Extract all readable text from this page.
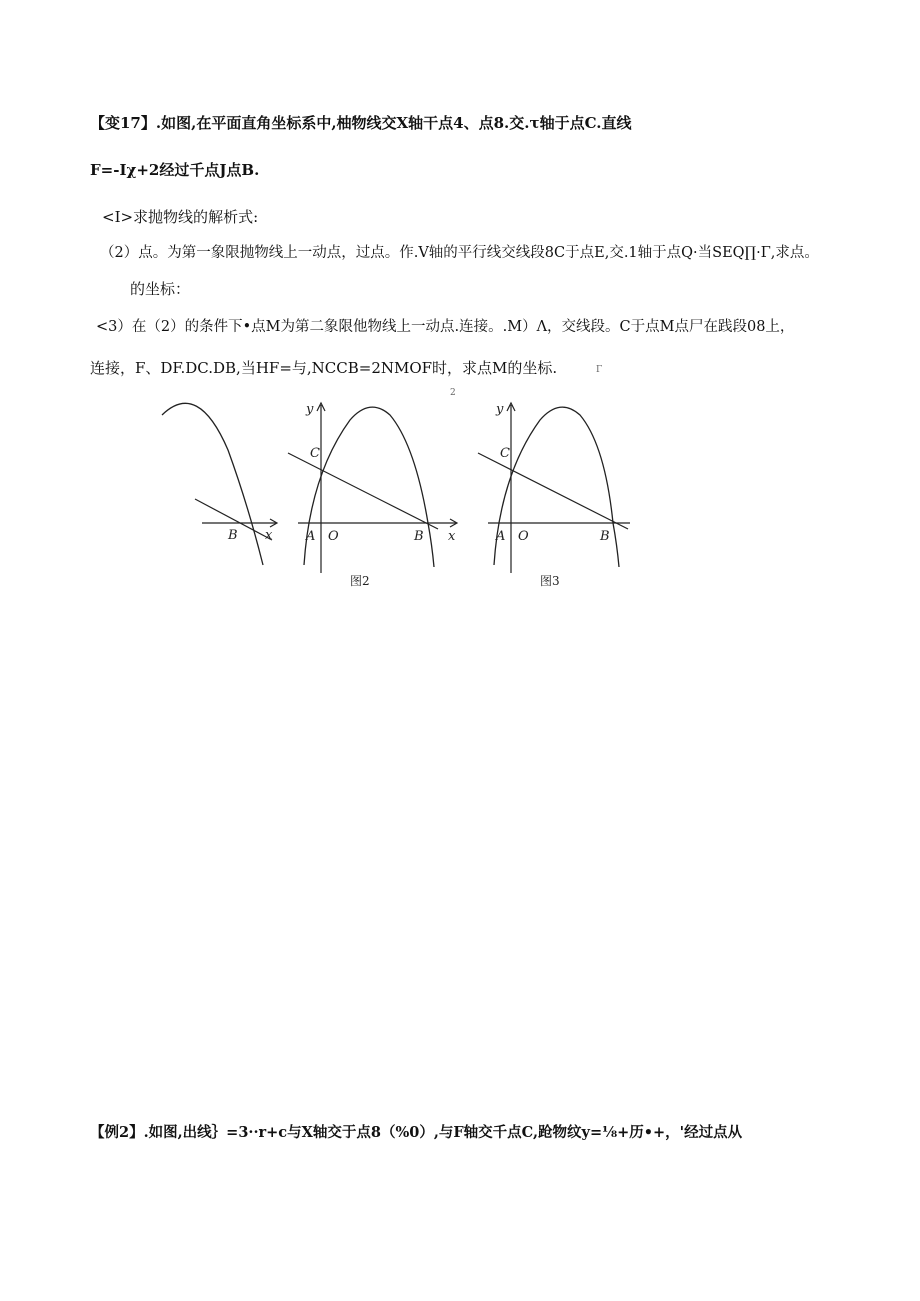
【变17】.如图,在平面直角坐标系中,柚物线交X轴干点4、点8.交.τ轴于点C.直线
F=-Iχ+2经过千点J点B.
<I>求抛物线的解析式:
（2）点。为第一象限抛物线上一动点，过点。作.V轴的平行线交线段8C于点E,交.1轴于点Q·当SEQ∏·Γ,求点。
的坐标：
<3）在（2）的条件下•点M为第二象限他物线上一动点.连接。.M）Λ，交线段。C于点M点尸在践段08上，
连接，F、DF.DC.DB,当HF=与,NCCB=2NMOF时，求点M的坐标.	Γ
2
B x
C
y
A O	B x
图2
C
y
A O	B
图3
【例2】.如图,出线｝=3··r+c与X轴交于点8（%0）,与F轴交千点C,跄物纹y=⅛+历•+，'经过点从
